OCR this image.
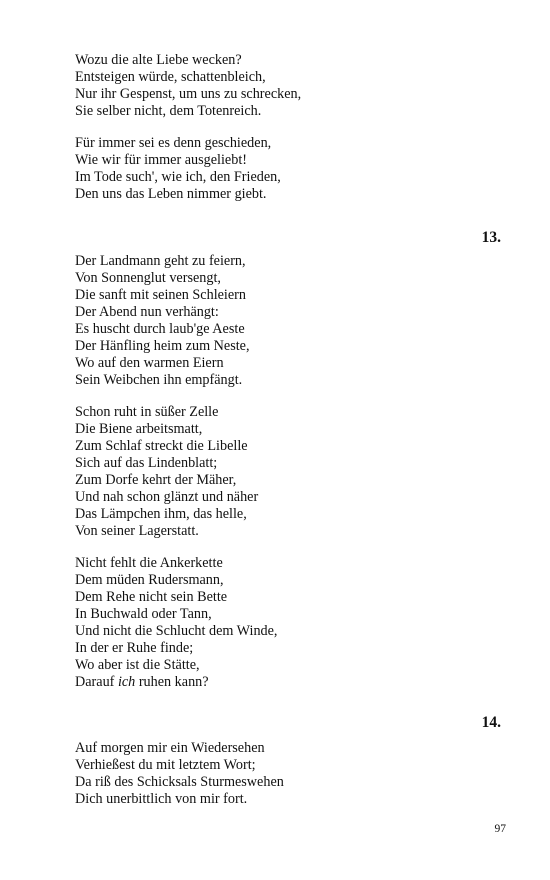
Wozu die alte Liebe wecken?
Entsteigen würde, schattenbleich,
Nur ihr Gespenst, um uns zu schrecken,
Sie selber nicht, dem Totenreich.
Für immer sei es denn geschieden,
Wie wir für immer ausgeliebt!
Im Tode such', wie ich, den Frieden,
Den uns das Leben nimmer giebt.
13.
Der Landmann geht zu feiern,
Von Sonnenglut versengt,
Die sanft mit seinen Schleiern
Der Abend nun verhängt:
Es huscht durch laub'ge Aeste
Der Hänfling heim zum Neste,
Wo auf den warmen Eiern
Sein Weibchen ihn empfängt.
Schon ruht in süßer Zelle
Die Biene arbeitsmatt,
Zum Schlaf streckt die Libelle
Sich auf das Lindenblatt;
Zum Dorfe kehrt der Mäher,
Und nah schon glänzt und näher
Das Lämpchen ihm, das helle,
Von seiner Lagerstatt.
Nicht fehlt die Ankerkette
Dem müden Rudersmann,
Dem Rehe nicht sein Bette
In Buchwald oder Tann,
Und nicht die Schlucht dem Winde,
In der er Ruhe finde;
Wo aber ist die Stätte,
Darauf ich ruhen kann?
14.
Auf morgen mir ein Wiedersehen
Verhießest du mit letztem Wort;
Da riß des Schicksals Sturmeswehen
Dich unerbittlich von mir fort.
97
